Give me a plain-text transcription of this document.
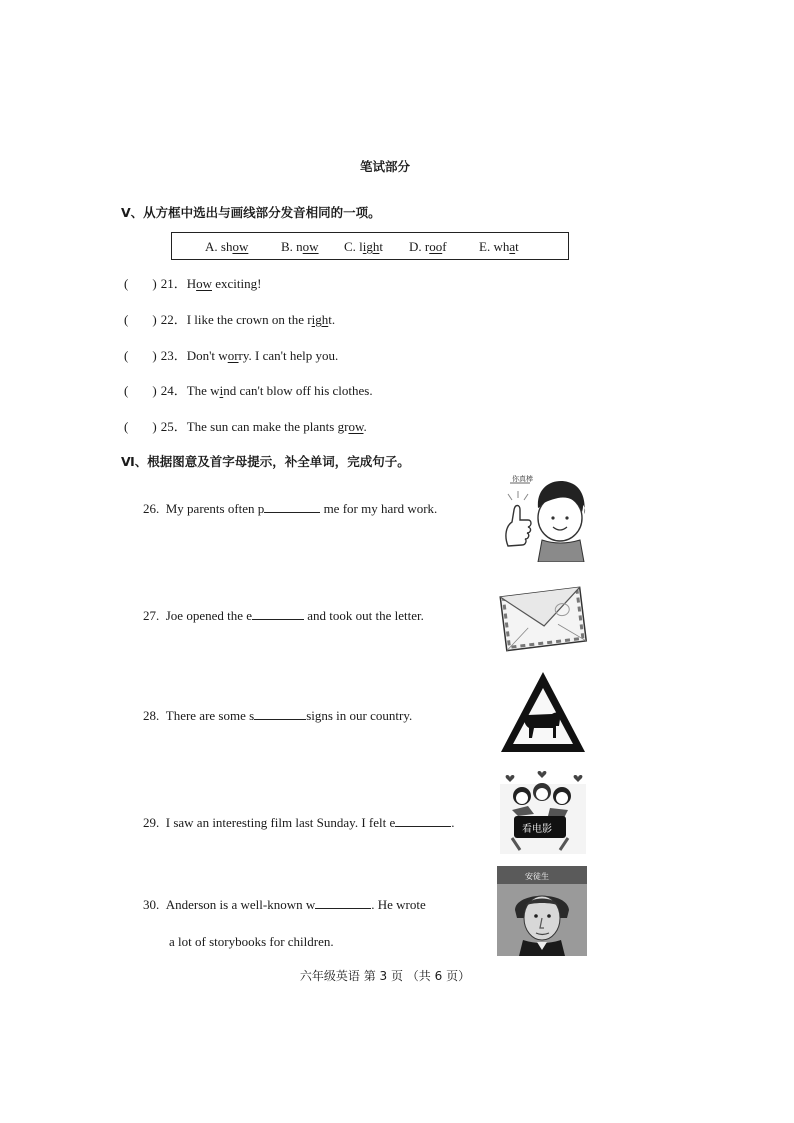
笔试部分
Ⅴ、从方框中选出与画线部分发音相同的一项。
A. show	B. now C. light D. roof E. what
( ) 21．How exciting!
( ) 22．I like the crown on the right.
( ) 23．Don't worry. I can't help you.
( ) 24．The wind can't blow off his clothes.
( ) 25．The sun can make the plants grow.
Ⅵ、根据图意及首字母提示，补全单词，完成句子。
26. My parents often p	me for my hard work.
27. Joe opened the e	and took out the letter.
28. There are some s	signs in our country.
29. I saw an interesting film last Sunday. I felt e	.
30. Anderson is a well-known w	. He wrote
a lot of storybooks for children.
你真棒
看电影
安徒生
六年级英语 第 3 页 （共 6 页）
